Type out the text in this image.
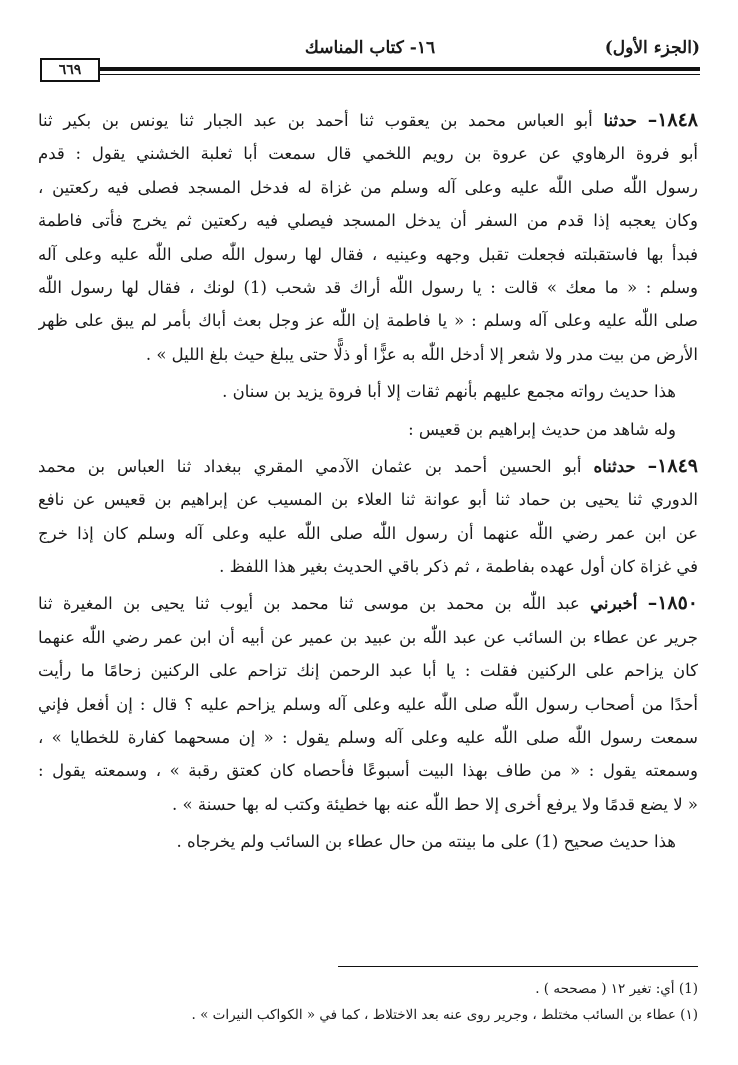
(الجزء الأول)
١٦- كتاب المناسك
٦٦٩
١٨٤٨– حدثنا أبو العباس محمد بن يعقوب ثنا أحمد بن عبد الجبار ثنا يونس بن بكير ثنا
أبو فروة الرهاوي عن عروة بن رويم اللخمي قال سمعت أبا ثعلبة الخشني يقول : قدم
رسول اللّٰه صلى اللّٰه عليه وعلى آله وسلم من غزاة له فدخل المسجد فصلى فيه ركعتين ،
وكان يعجبه إذا قدم من السفر أن يدخل المسجد فيصلي فيه ركعتين ثم يخرج فأتى فاطمة
فبدأ بها فاستقبلته فجعلت تقبل وجهه وعينيه ، فقال لها رسول اللّٰه صلى اللّٰه عليه وعلى آله
وسلم : « ما معك » قالت : يا رسول اللّٰه أراك قد شحب (1) لونك ، فقال لها رسول اللّٰه
صلى اللّٰه عليه وعلى آله وسلم : « يا فاطمة إن اللّٰه عز وجل بعث أباك بأمر لم يبق على ظهر
الأرض من بيت مدر ولا شعر إلا أدخل اللّٰه به عزًّا أو ذلًّا حتى يبلغ حيث بلغ الليل » .
هذا حديث رواته مجمع عليهم بأنهم ثقات إلا أبا فروة يزيد بن سنان .
وله شاهد من حديث إبراهيم بن قعيس :
١٨٤٩– حدثناه أبو الحسين أحمد بن عثمان الآدمي المقري ببغداد ثنا العباس بن محمد
الدوري ثنا يحيى بن حماد ثنا أبو عوانة ثنا العلاء بن المسيب عن إبراهيم بن قعيس عن نافع
عن ابن عمر رضي اللّٰه عنهما أن رسول اللّٰه صلى اللّٰه عليه وعلى آله وسلم كان إذا خرج
في غزاة كان أول عهده بفاطمة ، ثم ذكر باقي الحديث بغير هذا اللفظ .
١٨٥٠– أخبرني عبد اللّٰه بن محمد بن موسى ثنا محمد بن أيوب ثنا يحيى بن المغيرة ثنا
جرير عن عطاء بن السائب عن عبد اللّٰه بن عبيد بن عمير عن أبيه أن ابن عمر رضي اللّٰه عنهما
كان يزاحم على الركنين فقلت : يا أبا عبد الرحمن إنك تزاحم على الركنين زحامًا ما رأيت
أحدًا من أصحاب رسول اللّٰه صلى اللّٰه عليه وعلى آله وسلم يزاحم عليه ؟ قال : إن أفعل فإني
سمعت رسول اللّٰه صلى اللّٰه عليه وعلى آله وسلم يقول : « إن مسحهما كفارة للخطايا » ،
وسمعته يقول : « من طاف بهذا البيت أسبوعًا فأحصاه كان كعتق رقبة » ، وسمعته يقول :
« لا يضع قدمًا ولا يرفع أخرى إلا حط اللّٰه عنه بها خطيئة وكتب له بها حسنة » .
هذا حديث صحيح (1) على ما بينته من حال عطاء بن السائب ولم يخرجاه .
(1) أي: تغير ١٢ ( مصححه ) .
(١) عطاء بن السائب مختلط ، وجرير روى عنه بعد الاختلاط ، كما في « الكواكب النيرات » .
